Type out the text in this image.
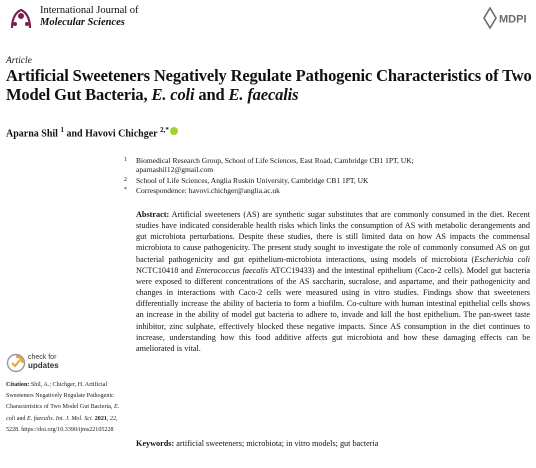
International Journal of
Molecular Sciences	MDPI
Article
Artificial Sweeteners Negatively Regulate Pathogenic Characteristics of Two Model Gut Bacteria, E. coli and E. faecalis
Aparna Shil $^1$ and Havovi Chichger $^{2,*}$
1 Biomedical Research Group, School of Life Sciences, East Road, Cambridge CB1 1PT, UK;
aparnashil12@gmail.com
2 School of Life Sciences, Anglia Ruskin University, Cambridge CB1 1PT, UK
* Correspondence: havovi.chichger@anglia.ac.uk
Abstract: Artificial sweeteners (AS) are synthetic sugar substitutes that are commonly consumed in the diet. Recent studies have indicated considerable health risks which links the consumption of AS with metabolic derangements and gut microbiota perturbations. Despite these studies, there is still limited data on how AS impacts the commensal microbiota to cause pathogenicity. The present study sought to investigate the role of commonly consumed AS on gut bacterial pathogenicity and gut epithelium-microbiota interactions, using models of microbiota (Escherichia coli NCTC10418 and Enterococcus faecalis ATCC19433) and the intestinal epithelium (Caco-2 cells). Model gut bacteria were exposed to different concentrations of the AS saccharin, sucralose, and aspartame, and their pathogenicity and changes in interactions with Caco-2 cells were measured using in vitro studies. Findings show that sweeteners differentially increase the ability of bacteria to form a biofilm. Co-culture with human intestinal epithelial cells shows an increase in the ability of model gut bacteria to adhere to, invade and kill the host epithelium. The pan-sweet taste inhibitor, zinc sulphate, effectively blocked these negative impacts. Since AS consumption in the diet continues to increase, understanding how this food additive affects gut microbiota and how these damaging effects can be ameliorated is vital.
Keywords: artificial sweeteners; microbiota; in vitro models; gut bacteria
check for
updates
Citation: Shil, A.; Chichger, H. Artificial Sweeteners Negatively Regulate Pathogenic Characteristics of Two Model Gut Bacteria, E. coli and E. faecalis. Int. J. Mol. Sci. 2021, 22, 5228. https://doi.org/10.3390/ijms22105228
